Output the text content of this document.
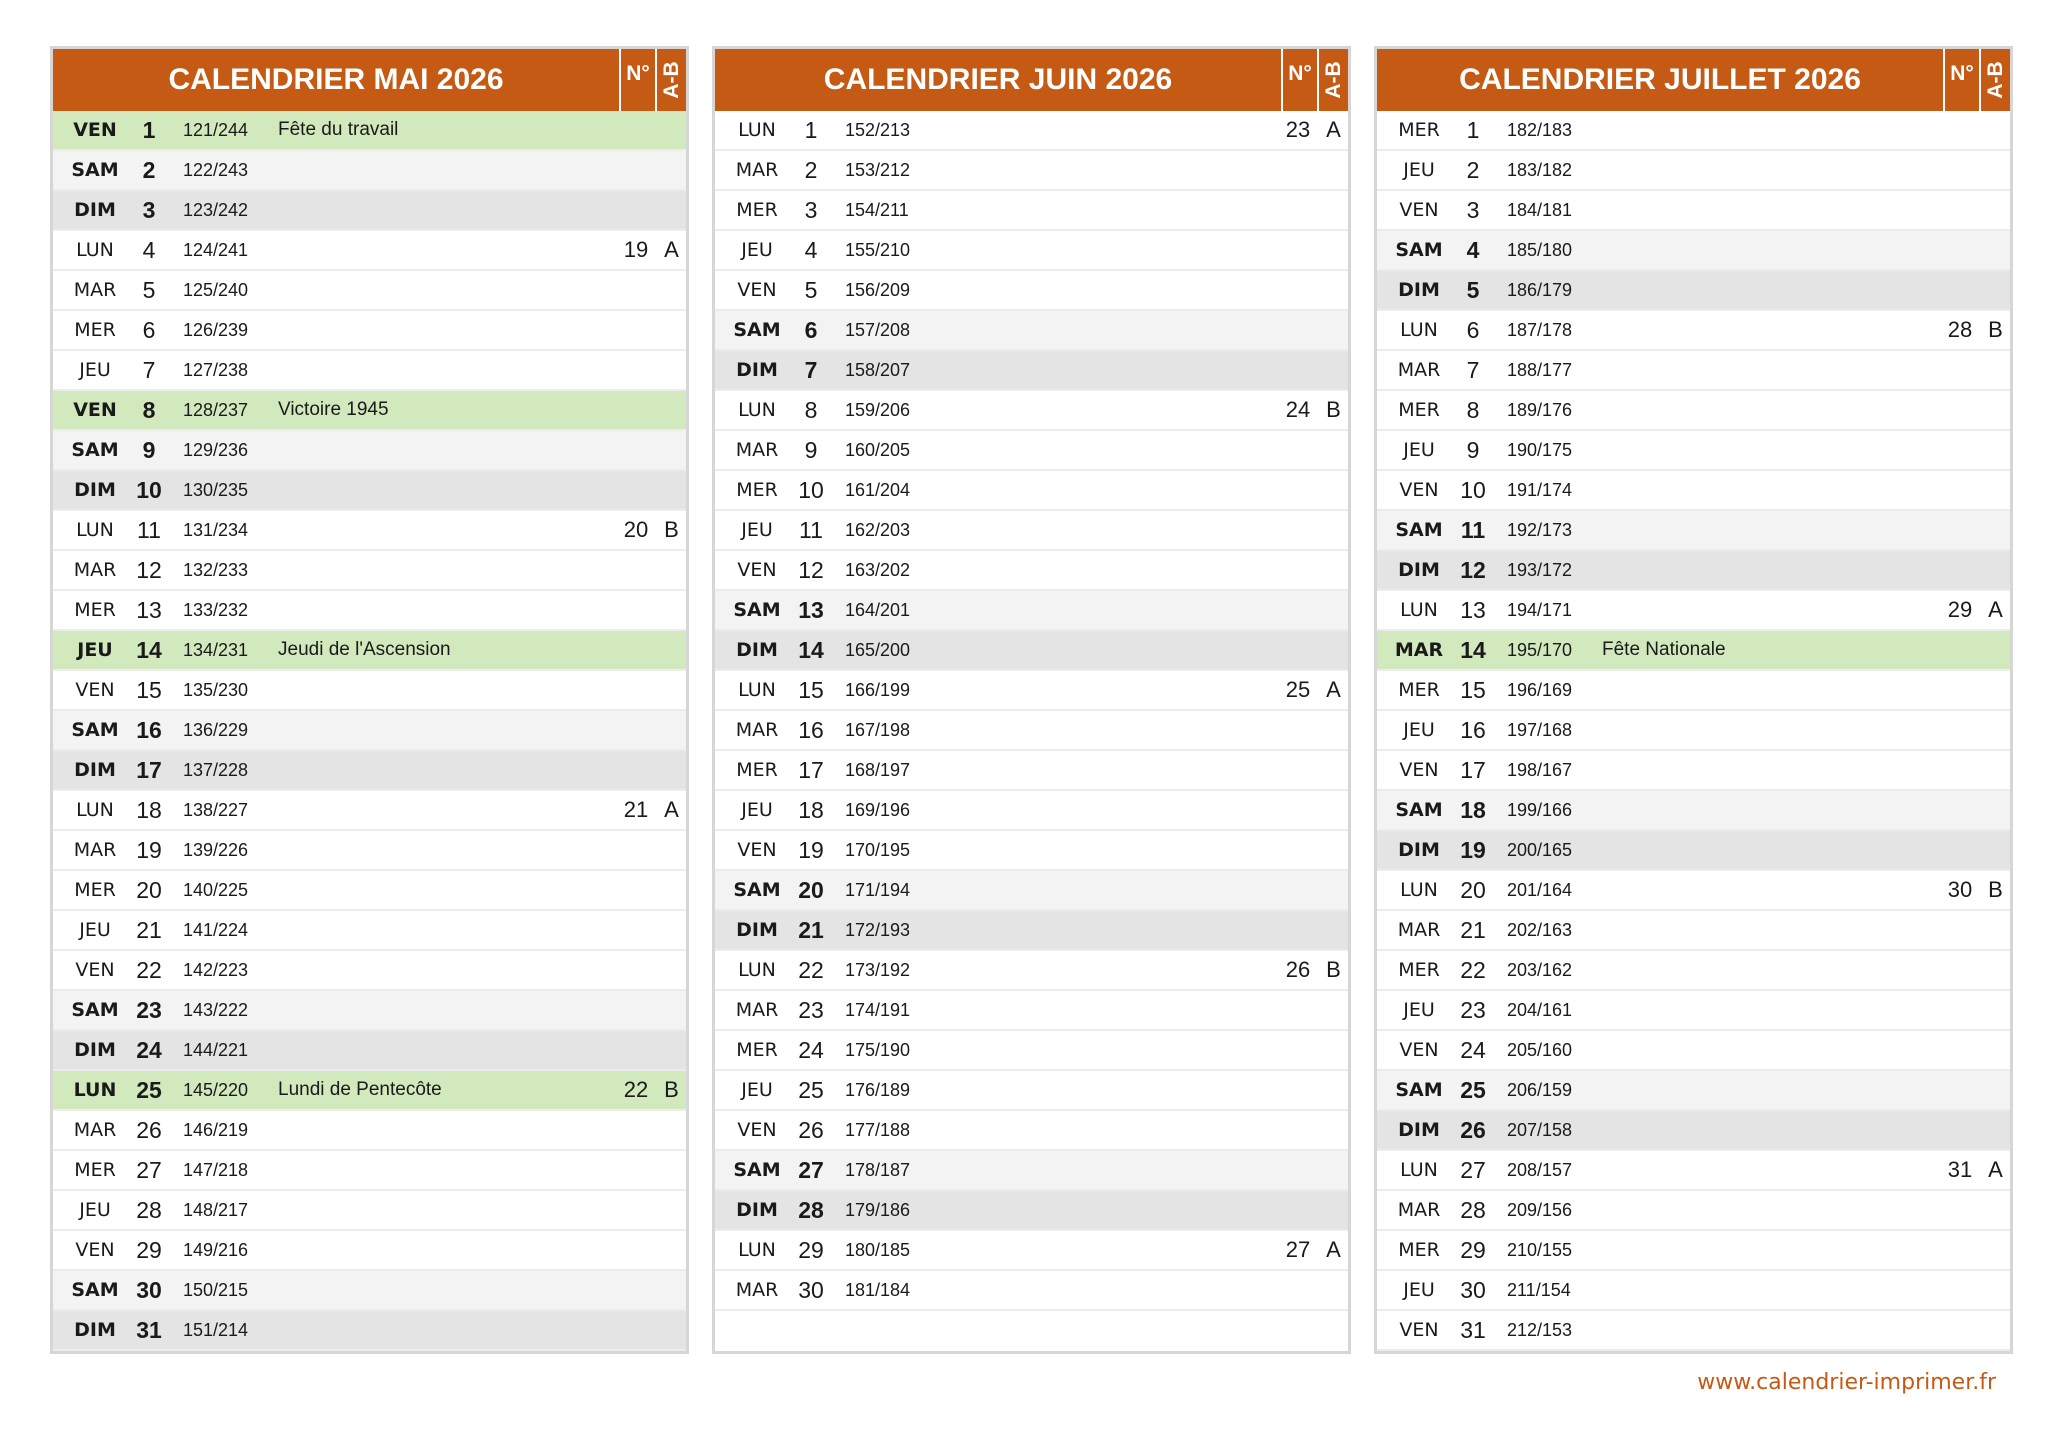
CALENDRIER MAI 2026	N° A-B
VEN	1	121/244 Fête du travail
SAM	2	122/243
DIM	3	123/242
LUN	4	124/241	19 A
MAR	5	125/240
MER	6	126/239
JEU	7	127/238
VEN	8	128/237 Victoire 1945
SAM	9	129/236
DIM 10	130/235
LUN	11	131/234	20 B
MAR 12	132/233
MER 13	133/232
JEU	14	134/231 Jeudi de l'Ascension
VEN 15	135/230
SAM 16	136/229
DIM 17	137/228
LUN 18	138/227	21 A
MAR 19	139/226
MER 20	140/225
JEU	21	141/224
VEN 22	142/223
SAM 23	143/222
DIM 24	144/221
LUN 25	145/220 Lundi de Pentecôte	22 B
MAR 26	146/219
MER 27	147/218
JEU	28	148/217
VEN 29	149/216
SAM 30	150/215
DIM 31	151/214
CALENDRIER JUIN 2026	N° A-B
LUN	1	152/213	23 A
MAR	2	153/212
MER	3	154/211
JEU	4	155/210
VEN	5	156/209
SAM	6	157/208
DIM	7	158/207
LUN	8	159/206	24 B
MAR	9	160/205
MER 10	161/204
JEU	11	162/203
VEN 12	163/202
SAM 13	164/201
DIM 14	165/200
LUN 15	166/199	25 A
MAR 16	167/198
MER 17	168/197
JEU	18	169/196
VEN 19	170/195
SAM 20	171/194
DIM 21	172/193
LUN 22	173/192	26 B
MAR 23	174/191
MER 24	175/190
JEU	25	176/189
VEN 26	177/188
SAM 27	178/187
DIM 28	179/186
LUN 29	180/185	27 A
MAR 30	181/184
CALENDRIER JUILLET 2026	N° A-B
MER	1	182/183
JEU	2	183/182
VEN	3	184/181
SAM	4	185/180
DIM	5	186/179
LUN	6	187/178	28 B
MAR	7	188/177
MER	8	189/176
JEU	9	190/175
VEN 10	191/174
SAM 11	192/173
DIM 12	193/172
LUN 13	194/171	29 A
MAR 14	195/170 Fête Nationale
MER 15	196/169
JEU	16	197/168
VEN 17	198/167
SAM 18	199/166
DIM 19	200/165
LUN 20	201/164	30 B
MAR 21	202/163
MER 22	203/162
JEU	23	204/161
VEN 24	205/160
SAM 25	206/159
DIM 26	207/158
LUN 27	208/157	31 A
MAR 28	209/156
MER 29	210/155
JEU	30	211/154
VEN 31	212/153
www.calendrier-imprimer.fr
